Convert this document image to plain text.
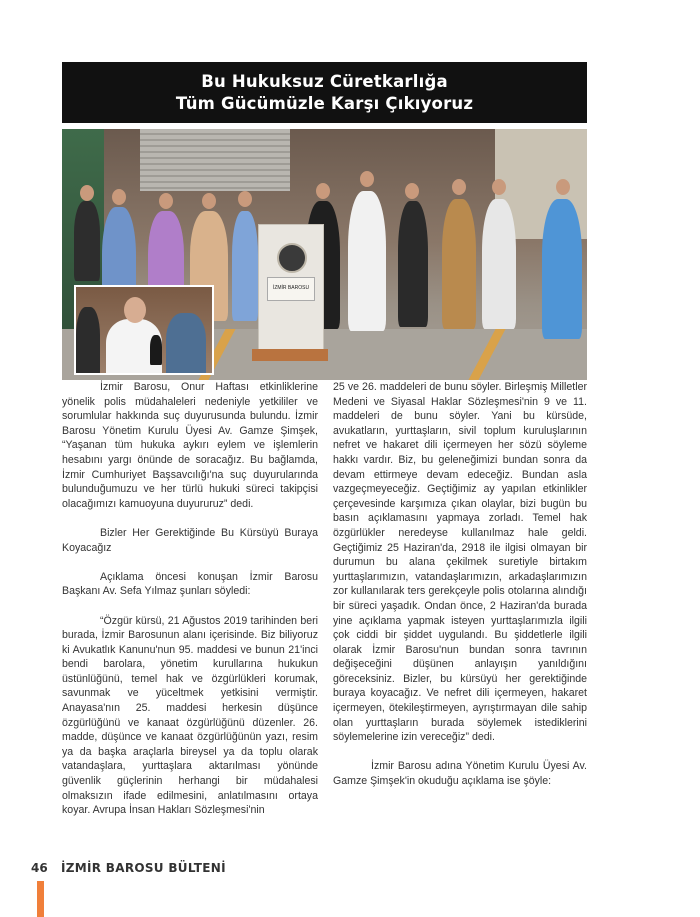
Bu Hukuksuz Cüretkarlığa
Tüm Gücümüzle Karşı Çıkıyoruz
İZMİR BAROSU

İzmir Barosu, Onur Haftası etkinliklerine yönelik polis müdahaleleri nedeniyle yetkililer ve sorumlular hakkında suç duyurusunda bulundu. İzmir Barosu Yönetim Kurulu Üyesi Av. Gamze Şimşek, “Yaşanan tüm hukuka aykırı eylem ve işlemlerin hesabını yargı önünde de soracağız. Bu bağlamda, İzmir Cumhuriyet Başsavcılığı'na suç duyurularında bulunduğumuzu ve her türlü hukuki süreci takipçisi olacağımızı kamuoyuna duyururuz” dedi.

Bizler Her Gerektiğinde Bu Kürsüyü Buraya Koyacağız

Açıklama öncesi konuşan İzmir Barosu Başkanı Av. Sefa Yılmaz şunları söyledi:

“Özgür kürsü, 21 Ağustos 2019 tarihinden beri burada, İzmir Barosunun alanı içerisinde. Biz biliyoruz ki Avukatlık Kanunu'nun 95. maddesi ve bunun 21'inci bendi barolara, yönetim kurullarına hukukun üstünlüğünü, temel hak ve özgürlükleri korumak, savunmak ve yüceltmek yetkisini vermiştir. Anayasa'nın 25. maddesi herkesin düşünce özgürlüğünü ve kanaat özgürlüğünü düzenler. 26. madde, düşünce ve kanaat özgürlüğünün yazı, resim ya da başka araçlarla bireysel ya da toplu olarak vatandaşlara, yurttaşlara aktarılması yönünde güvenlik güçlerinin herhangi bir müdahalesi olmaksızın ifade edilmesini, anlatılmasını ortaya koyar. Avrupa İnsan Hakları Sözleşmesi'nin

25 ve 26. maddeleri de bunu söyler. Birleşmiş Milletler Medeni ve Siyasal Haklar Sözleşmesi'nin 9 ve 11. maddeleri de bunu söyler. Yani bu kürsüde, avukatların, yurttaşların, sivil toplum kuruluşlarının nefret ve hakaret dili içermeyen her sözü söyleme hakkı vardır. Biz, bu geleneğimizi bundan sonra da devam ettirmeye devam edeceğiz. Bundan asla vazgeçmeyeceğiz. Geçtiğimiz ay yapılan etkinlikler çerçevesinde karşımıza çıkan olaylar, bizi bugün bu basın açıklamasını yapmaya zorladı. Temel hak özgürlükler neredeyse kullanılmaz hale geldi. Geçtiğimiz 25 Haziran'da, 2918 ile ilgisi olmayan bir durumun bu alana çekilmek suretiyle birtakım yurttaşlarımızın, vatandaşlarımızın, arkadaşlarımızın zor kullanılarak ters gerekçeyle polis otolarına alındığı bir süreci yaşadık. Ondan önce, 2 Haziran'da burada yine açıklama yapmak isteyen yurttaşlarımızla ilgili çok ciddi bir şiddet uygulandı. Bu şiddetlerle ilgili olarak İzmir Barosu'nun bundan sonra tavrının değişeceğini düşünen anlayışın yanıldığını göreceksiniz. Bizler, bu kürsüyü her gerektiğinde buraya koyacağız. Ve nefret dili içermeyen, hakaret içermeyen, ötekileştirmeyen, ayrıştırmayan dile sahip olan yurttaşların burada söylemek istediklerini söylemelerine izin vereceğiz” dedi.

İzmir Barosu adına Yönetim Kurulu Üyesi Av. Gamze Şimşek'in okuduğu açıklama ise şöyle:

46 İZMİR BAROSU BÜLTENİ
